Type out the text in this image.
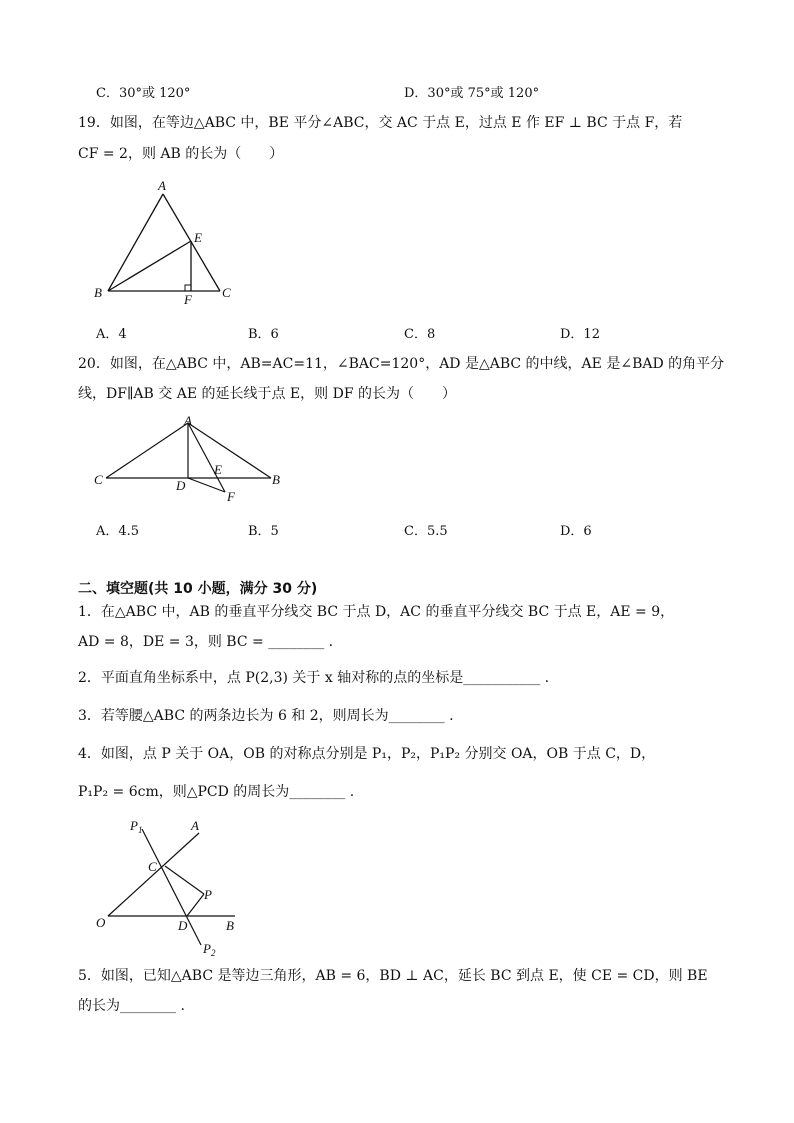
C．30°或 120°	D．30°或 75°或 120°
19．如图，在等边△ABC 中，BE 平分∠ABC，交 AC 于点 E，过点 E 作 EF ⊥ BC 于点 F，若
CF = 2，则 AB 的长为（　　）
A
B	C
E
F
A．4	B．6	C．8	D．12
20．如图，在△ABC 中，AB=AC=11，∠BAC=120°，AD 是△ABC 的中线，AE 是∠BAD 的角平分
线，DF∥AB 交 AE 的延长线于点 E，则 DF 的长为（　　）
A
B
C	D
E
F
A．4.5	B．5	C．5.5	D．6
二、填空题(共 10 小题，满分 30 分)
1．在△ABC 中，AB 的垂直平分线交 BC 于点 D，AC 的垂直平分线交 BC 于点 E，AE = 9，
AD = 8，DE = 3，则 BC = ________ .
2．平面直角坐标系中，点 P(2,3) 关于 x 轴对称的点的坐标是___________ .
3．若等腰△ABC 的两条边长为 6 和 2，则周长为________ .
4．如图，点 P 关于 OA，OB 的对称点分别是 P₁，P₂，P₁P₂ 分别交 OA，OB 于点 C，D，
P₁P₂ = 6cm，则△PCD 的周长为________ .
$P_1$	A
C
P
O	D	B
$P_2$
5．如图，已知△ABC 是等边三角形，AB = 6，BD ⊥ AC，延长 BC 到点 E，使 CE = CD，则 BE
的长为________ .
